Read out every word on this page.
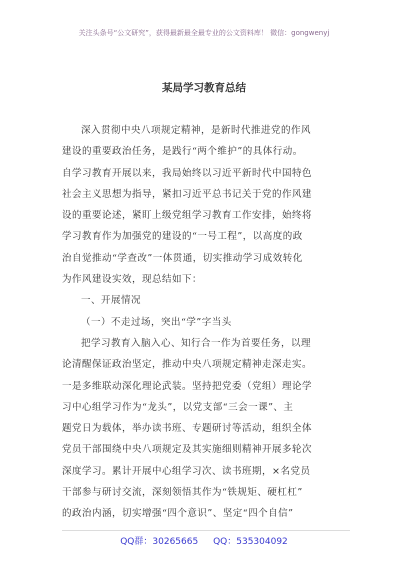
关注头条号“公文研究”，获得最新最全最专业的公文资料库！ 微信：gongwenyj
某局学习教育总结
深入贯彻中央八项规定精神，是新时代推进党的作风
建设的重要政治任务，是践行“两个维护”的具体行动。
自学习教育开展以来，我局始终以习近平新时代中国特色
社会主义思想为指导，紧扣习近平总书记关于党的作风建
设的重要论述，紧盯上级党组学习教育工作安排，始终将
学习教育作为加强党的建设的“一号工程”，以高度的政
治自觉推动“学查改”一体贯通，切实推动学习成效转化
为作风建设实效，现总结如下：
一、开展情况
（一）不走过场，突出“学”字当头
把学习教育入脑入心、知行合一作为首要任务，以理
论清醒保证政治坚定，推动中央八项规定精神走深走实。
一是多维联动深化理论武装。坚持把党委（党组）理论学
习中心组学习作为“龙头”，以党支部“三会一课”、主
题党日为载体，举办读书班、专题研讨等活动，组织全体
党员干部围绕中央八项规定及其实施细则精神开展多轮次
深度学习。累计开展中心组学习次、读书班期，×名党员
干部参与研讨交流，深刻领悟其作为“铁规矩、硬杠杠”
的政治内涵，切实增强“四个意识”、坚定“四个自信”
QQ群：30265665 QQ：535304092
